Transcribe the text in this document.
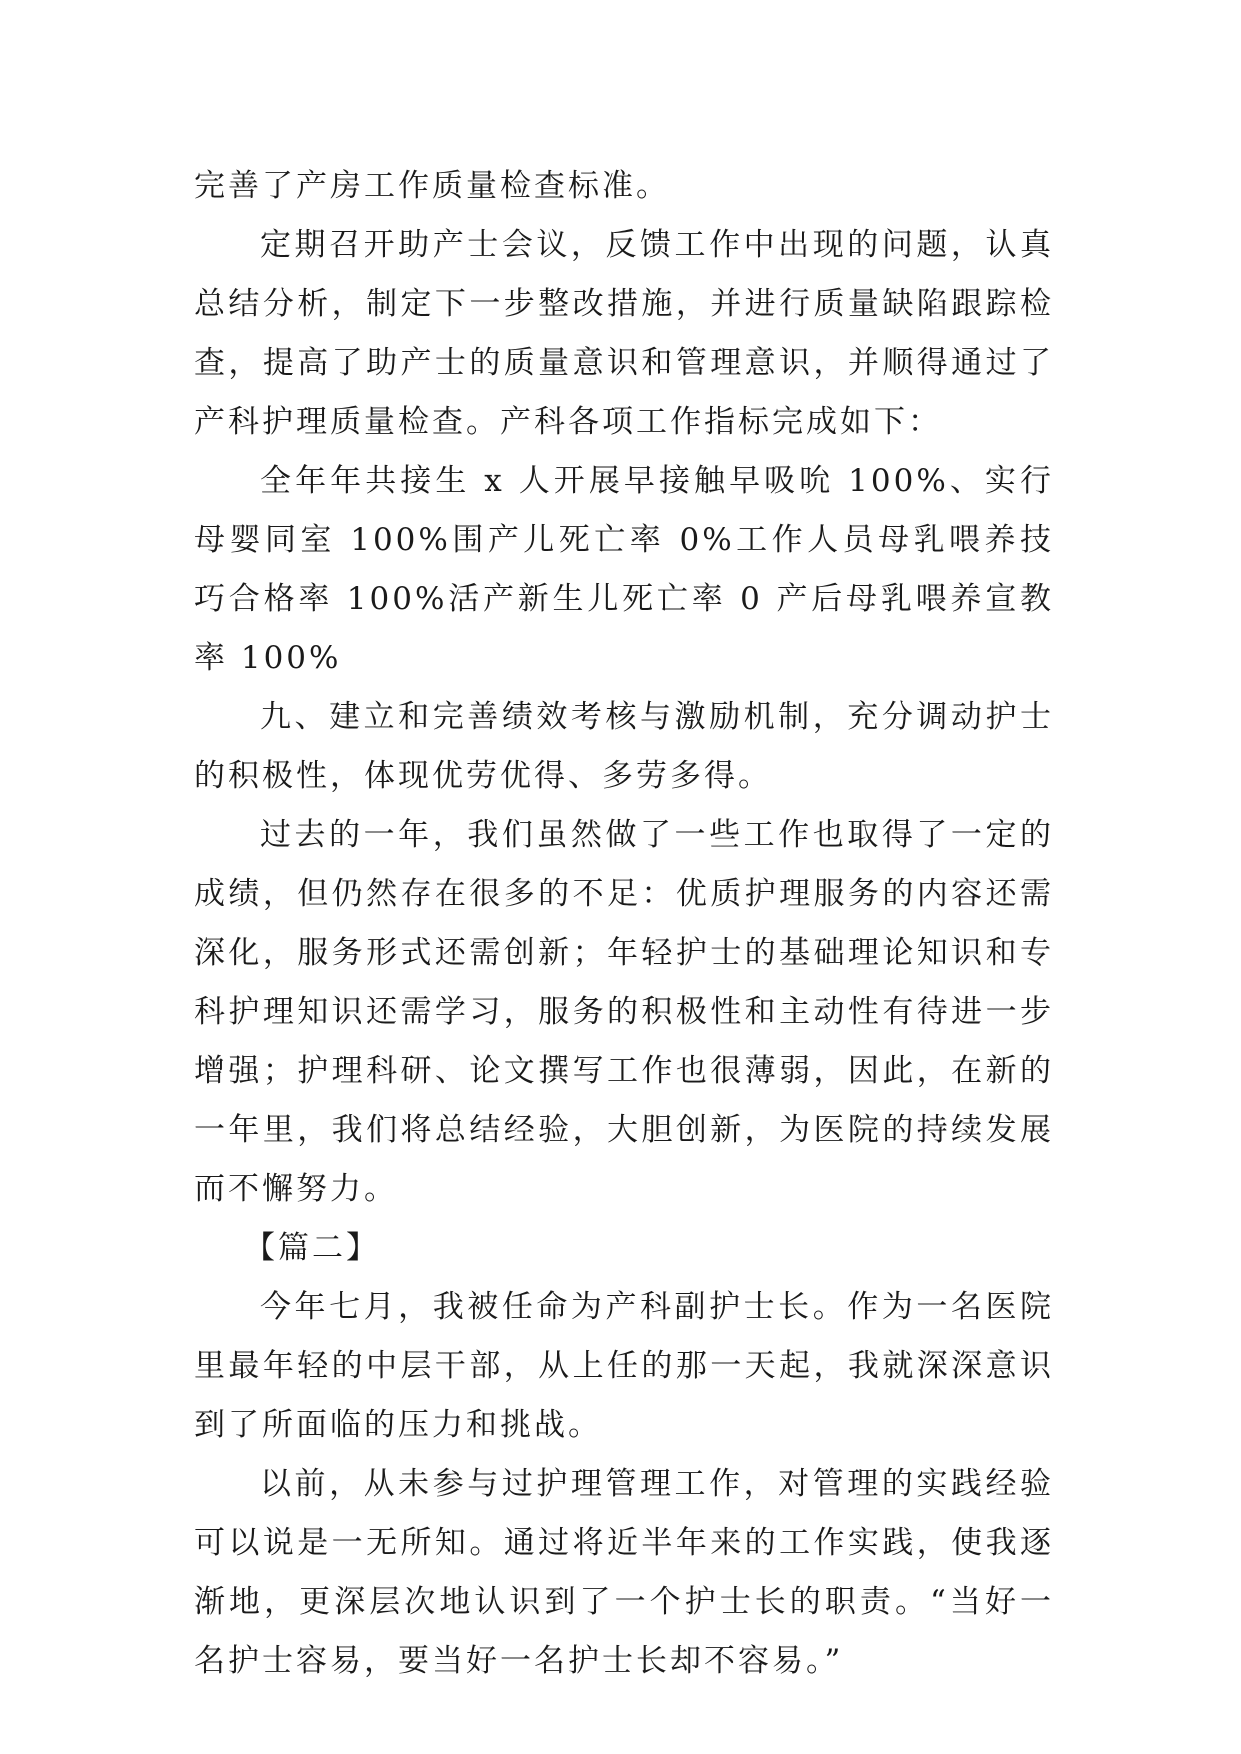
完善了产房工作质量检查标准。

定期召开助产士会议，反馈工作中出现的问题，认真总结分析，制定下一步整改措施，并进行质量缺陷跟踪检查，提高了助产士的质量意识和管理意识，并顺得通过了产科护理质量检查。产科各项工作指标完成如下：

全年年共接生 x 人开展早接触早吸吮 100%、实行母婴同室 100%围产儿死亡率 0%工作人员母乳喂养技巧合格率 100%活产新生儿死亡率 0 产后母乳喂养宣教率 100%

九、建立和完善绩效考核与激励机制，充分调动护士的积极性，体现优劳优得、多劳多得。

过去的一年，我们虽然做了一些工作也取得了一定的成绩，但仍然存在很多的不足：优质护理服务的内容还需深化，服务形式还需创新；年轻护士的基础理论知识和专科护理知识还需学习，服务的积极性和主动性有待进一步增强；护理科研、论文撰写工作也很薄弱，因此，在新的一年里，我们将总结经验，大胆创新，为医院的持续发展而不懈努力。

【篇二】

今年七月，我被任命为产科副护士长。作为一名医院里最年轻的中层干部，从上任的那一天起，我就深深意识到了所面临的压力和挑战。

以前，从未参与过护理管理工作，对管理的实践经验可以说是一无所知。通过将近半年来的工作实践，使我逐渐地，更深层次地认识到了一个护士长的职责。“当好一名护士容易，要当好一名护士长却不容易。”
